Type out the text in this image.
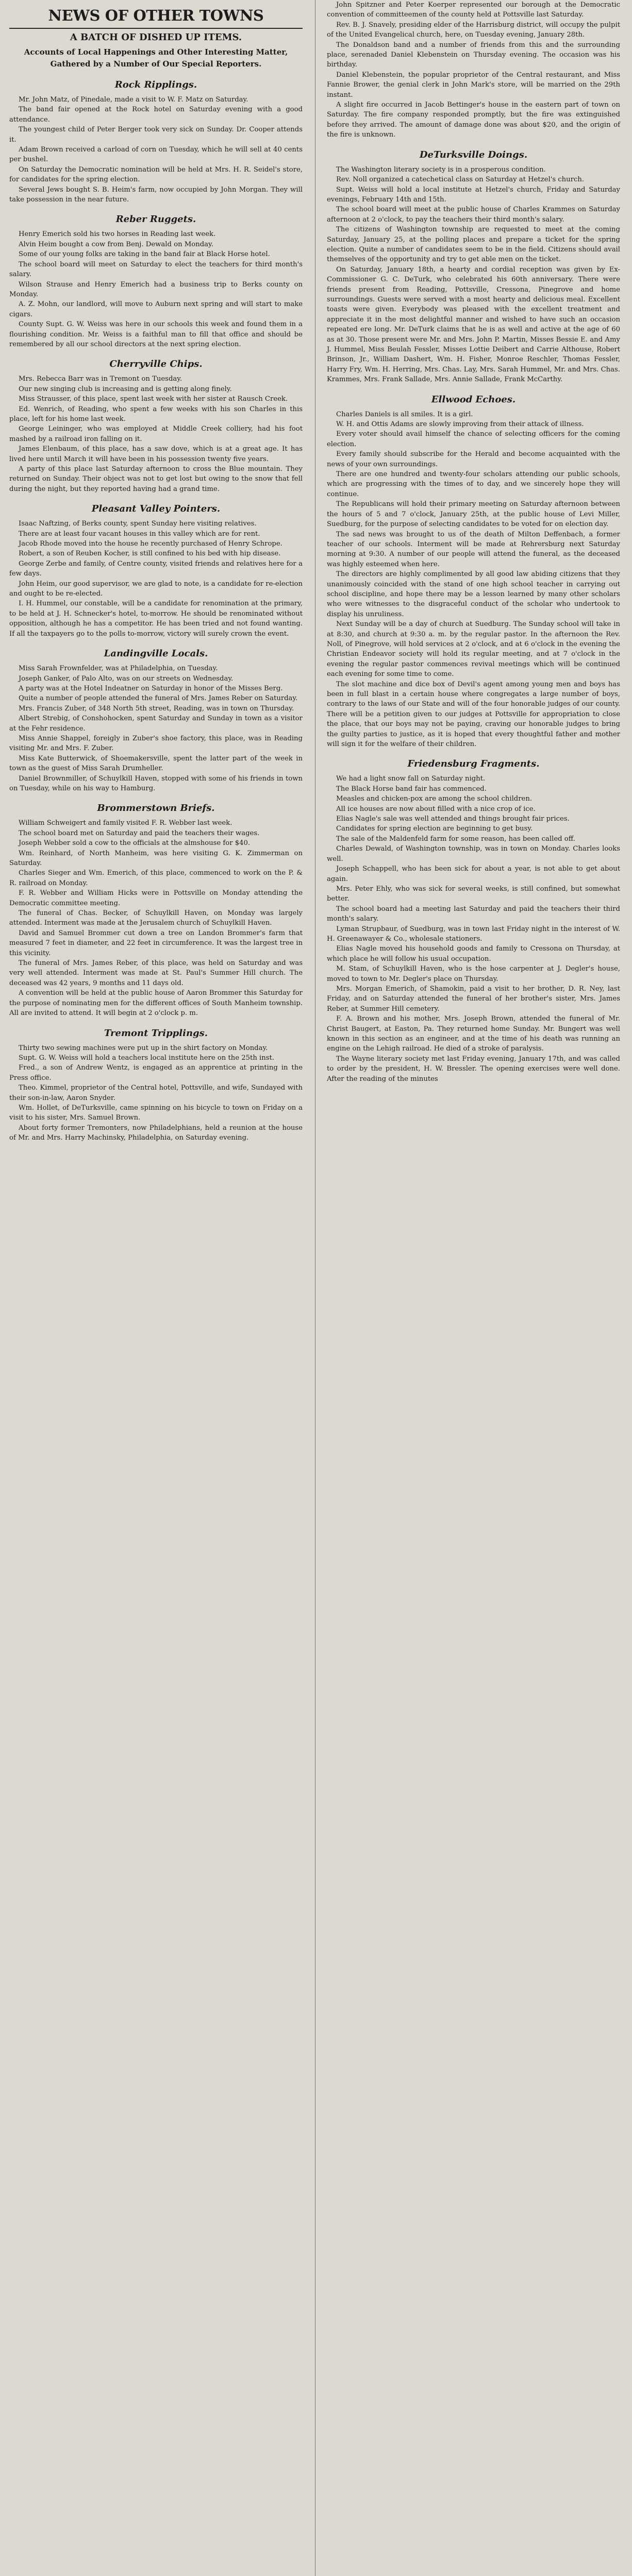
NEWS OF OTHER TOWNS
A BATCH OF DISHED UP ITEMS.
Accounts of Local Happenings and Other Interesting Matter, Gathered by a Number of Our Special Reporters.
Rock Ripplings.

Mr. John Matz, of Pinedale, made a visit to W. F. Matz on Saturday.

The band fair opened at the Rock hotel on Saturday evening with a good attendance.

The youngest child of Peter Berger took very sick on Sunday. Dr. Cooper attends it.

Adam Brown received a carload of corn on Tuesday, which he will sell at 40 cents per bushel.

On Saturday the Democratic nomination will be held at Mrs. H. R. Seidel's store, for candidates for the spring election.

Several Jews bought S. B. Heim's farm, now occupied by John Morgan. They will take possession in the near future.

Reber Ruggets.

Henry Emerich sold his two horses in Reading last week.

Alvin Heim bought a cow from Benj. Dewald on Monday.

Some of our young folks are taking in the band fair at Black Horse hotel.

The school board will meet on Saturday to elect the teachers for third month's salary.

Wilson Strause and Henry Emerich had a business trip to Berks county on Monday.

A. Z. Mohn, our landlord, will move to Auburn next spring and will start to make cigars.

County Supt. G. W. Weiss was here in our schools this week and found them in a flourishing condition. Mr. Weiss is a faithful man to fill that office and should be remembered by all our school directors at the next spring election.

Cherryville Chips.

Mrs. Rebecca Barr was in Tremont on Tuesday.

Our new singing club is increasing and is getting along finely.

Miss Strausser, of this place, spent last week with her sister at Rausch Creek.

Ed. Wenrich, of Reading, who spent a few weeks with his son Charles in this place, left for his home last week.

George Leininger, who was employed at Middle Creek colliery, had his foot mashed by a railroad iron falling on it.

James Elenbaum, of this place, has a saw dove, which is at a great age. It has lived here until March it will have been in his possession twenty five years.

A party of this place last Saturday afternoon to cross the Blue mountain. They returned on Sunday. Their object was not to get lost but owing to the snow that fell during the night, but they reported having had a grand time.

Pleasant Valley Pointers.

Isaac Naftzing, of Berks county, spent Sunday here visiting relatives.

There are at least four vacant houses in this valley which are for rent.

Jacob Rhode moved into the house he recently purchased of Henry Schrope.

Robert, a son of Reuben Kocher, is still confined to his bed with hip disease.

George Zerbe and family, of Centre county, visited friends and relatives here for a few days.

John Heim, our good supervisor, we are glad to note, is a candidate for re-election and ought to be re-elected.

I. H. Hummel, our constable, will be a candidate for renomination at the primary, to be held at J. H. Schnecker's hotel, to-morrow. He should be renominated without opposition, although he has a competitor. He has been tried and not found wanting. If all the taxpayers go to the polls to-morrow, victory will surely crown the event.

Landingville Locals.

Miss Sarah Frownfelder, was at Philadelphia, on Tuesday.

Joseph Ganker, of Palo Alto, was on our streets on Wednesday.

A party was at the Hotel Indeatner on Saturday in honor of the Misses Berg.

Quite a number of people attended the funeral of Mrs. James Reber on Saturday.

Mrs. Francis Zuber, of 348 North 5th street, Reading, was in town on Thursday.

Albert Strebig, of Conshohocken, spent Saturday and Sunday in town as a visitor at the Fehr residence.

Miss Annie Shappel, foreigly in Zuber's shoe factory, this place, was in Reading visiting Mr. and Mrs. F. Zuber.

Miss Kate Butterwick, of Shoemakersville, spent the latter part of the week in town as the guest of Miss Sarah Drumheller.

Daniel Brownmiller, of Schuylkill Haven, stopped with some of his friends in town on Tuesday, while on his way to Hamburg.

Brommerstown Briefs.

William Schweigert and family visited F. R. Webber last week.

The school board met on Saturday and paid the teachers their wages.

Joseph Webber sold a cow to the officials at the almshouse for $40.

Wm. Reinhard, of North Manheim, was here visiting G. K. Zimmerman on Saturday.

Charles Sieger and Wm. Emerich, of this place, commenced to work on the P. & R. railroad on Monday.

F. R. Webber and William Hicks were in Pottsville on Monday attending the Democratic committee meeting.

The funeral of Chas. Becker, of Schuylkill Haven, on Monday was largely attended. Interment was made at the Jerusalem church of Schuylkill Haven.

David and Samuel Brommer cut down a tree on Landon Brommer's farm that measured 7 feet in diameter, and 22 feet in circumference. It was the largest tree in this vicinity.

The funeral of Mrs. James Reber, of this place, was held on Saturday and was very well attended. Interment was made at St. Paul's Summer Hill church. The deceased was 42 years, 9 months and 11 days old.

A convention will be held at the public house of Aaron Brommer this Saturday for the purpose of nominating men for the different offices of South Manheim township. All are invited to attend. It will begin at 2 o'clock p. m.

Tremont Tripplings.

Thirty two sewing machines were put up in the shirt factory on Monday.

Supt. G. W. Weiss will hold a teachers local institute here on the 25th inst.

Fred., a son of Andrew Wentz, is engaged as an apprentice at printing in the Press office.

Theo. Kimmel, proprietor of the Central hotel, Pottsville, and wife, Sundayed with their son-in-law, Aaron Snyder.

Wm. Hollet, of DeTurksville, came spinning on his bicycle to town on Friday on a visit to his sister, Mrs. Samuel Brown.

About forty former Tremonters, now Philadelphians, held a reunion at the house of Mr. and Mrs. Harry Machinsky, Philadelphia, on Saturday evening.

John Spitzner and Peter Koerper represented our borough at the Democratic convention of committeemen of the county held at Pottsville last Saturday.

Rev. B. J. Snavely, presiding elder of the Harrisburg district, will occupy the pulpit of the United Evangelical church, here, on Tuesday evening, January 28th.

The Donaldson band and a number of friends from this and the surrounding place, serenaded Daniel Klebenstein on Thursday evening. The occasion was his birthday.

Daniel Klebenstein, the popular proprietor of the Central restaurant, and Miss Fannie Brower, the genial clerk in John Mark's store, will be married on the 29th instant.

A slight fire occurred in Jacob Bettinger's house in the eastern part of town on Saturday. The fire company responded promptly, but the fire was extinguished before they arrived. The amount of damage done was about $20, and the origin of the fire is unknown.

DeTurksville Doings.

The Washington literary society is in a prosperous condition.

Rev. Noll organized a catechetical class on Saturday at Hetzel's church.

Supt. Weiss will hold a local institute at Hetzel's church, Friday and Saturday evenings, February 14th and 15th.

The school board will meet at the public house of Charles Krammes on Saturday afternoon at 2 o'clock, to pay the teachers their third month's salary.

The citizens of Washington township are requested to meet at the coming Saturday, January 25, at the polling places and prepare a ticket for the spring election. Quite a number of candidates seem to be in the field. Citizens should avail themselves of the opportunity and try to get able men on the ticket.

On Saturday, January 18th, a hearty and cordial reception was given by Ex-Commissioner G. C. DeTurk, who celebrated his 60th anniversary. There were friends present from Reading, Pottsville, Cressona, Pinegrove and home surroundings. Guests were served with a most hearty and delicious meal. Excellent toasts were given. Everybody was pleased with the excellent treatment and appreciate it in the most delightful manner and wished to have such an occasion repeated ere long. Mr. DeTurk claims that he is as well and active at the age of 60 as at 30. Those present were Mr. and Mrs. John P. Martin, Misses Bessie E. and Amy J. Hummel, Miss Beulah Fessler, Misses Lottie Deibert and Carrie Althouse, Robert Brinson, Jr., William Dashert, Wm. H. Fisher, Monroe Reschler, Thomas Fessler, Harry Fry, Wm. H. Herring, Mrs. Chas. Lay, Mrs. Sarah Hummel, Mr. and Mrs. Chas. Krammes, Mrs. Frank Sallade, Mrs. Annie Sallade, Frank McCarthy.

Ellwood Echoes.

Charles Daniels is all smiles. It is a girl.

W. H. and Ottis Adams are slowly improving from their attack of illness.

Every voter should avail himself the chance of selecting officers for the coming election.

Every family should subscribe for the Herald and become acquainted with the news of your own surroundings.

There are one hundred and twenty-four scholars attending our public schools, which are progressing with the times of to day, and we sincerely hope they will continue.

The Republicans will hold their primary meeting on Saturday afternoon between the hours of 5 and 7 o'clock, January 25th, at the public house of Levi Miller, Suedburg, for the purpose of selecting candidates to be voted for on election day.

The sad news was brought to us of the death of Milton Deffenbach, a former teacher of our schools. Interment will be made at Rehrersburg next Saturday morning at 9:30. A number of our people will attend the funeral, as the deceased was highly esteemed when here.

The directors are highly complimented by all good law abiding citizens that they unanimously coincided with the stand of one high school teacher in carrying out school discipline, and hope there may be a lesson learned by many other scholars who were witnesses to the disgraceful conduct of the scholar who undertook to display his unruliness.

Next Sunday will be a day of church at Suedburg. The Sunday school will take in at 8:30, and church at 9:30 a. m. by the regular pastor. In the afternoon the Rev. Noll, of Pinegrove, will hold services at 2 o'clock, and at 6 o'clock in the evening the Christian Endeavor society will hold its regular meeting, and at 7 o'clock in the evening the regular pastor commences revival meetings which will be continued each evening for some time to come.

The slot machine and dice box of Devil's agent among young men and boys has been in full blast in a certain house where congregates a large number of boys, contrary to the laws of our State and will of the four honorable judges of our county. There will be a petition given to our judges at Pottsville for appropriation to close the place, that our boys may not be paying, craving our honorable judges to bring the guilty parties to justice, as it is hoped that every thoughtful father and mother will sign it for the welfare of their children.

Friedensburg Fragments.

We had a light snow fall on Saturday night.

The Black Horse band fair has commenced.

Measles and chicken-pox are among the school children.

All ice houses are now about filled with a nice crop of ice.

Elias Nagle's sale was well attended and things brought fair prices.

Candidates for spring election are beginning to get busy.

The sale of the Maldenfeld farm for some reason, has been called off.

Charles Dewald, of Washington township, was in town on Monday. Charles looks well.

Joseph Schappell, who has been sick for about a year, is not able to get about again.

Mrs. Peter Ehly, who was sick for several weeks, is still confined, but somewhat better.

The school board had a meeting last Saturday and paid the teachers their third month's salary.

Lyman Strupbaur, of Suedburg, was in town last Friday night in the interest of W. H. Greenawayer & Co., wholesale stationers.

Elias Nagle moved his household goods and family to Cressona on Thursday, at which place he will follow his usual occupation.

M. Stam, of Schuylkill Haven, who is the hose carpenter at J. Degler's house, moved to town to Mr. Degler's place on Thursday.

Mrs. Morgan Emerich, of Shamokin, paid a visit to her brother, D. R. Ney, last Friday, and on Saturday attended the funeral of her brother's sister, Mrs. James Reber, at Summer Hill cemetery.

F. A. Brown and his mother, Mrs. Joseph Brown, attended the funeral of Mr. Christ Baugert, at Easton, Pa. They returned home Sunday. Mr. Bungert was well known in this section as an engineer, and at the time of his death was running an engine on the Lehigh railroad. He died of a stroke of paralysis.

The Wayne literary society met last Friday evening, January 17th, and was called to order by the president, H. W. Bressler. The opening exercises were well done. After the reading of the minutes
